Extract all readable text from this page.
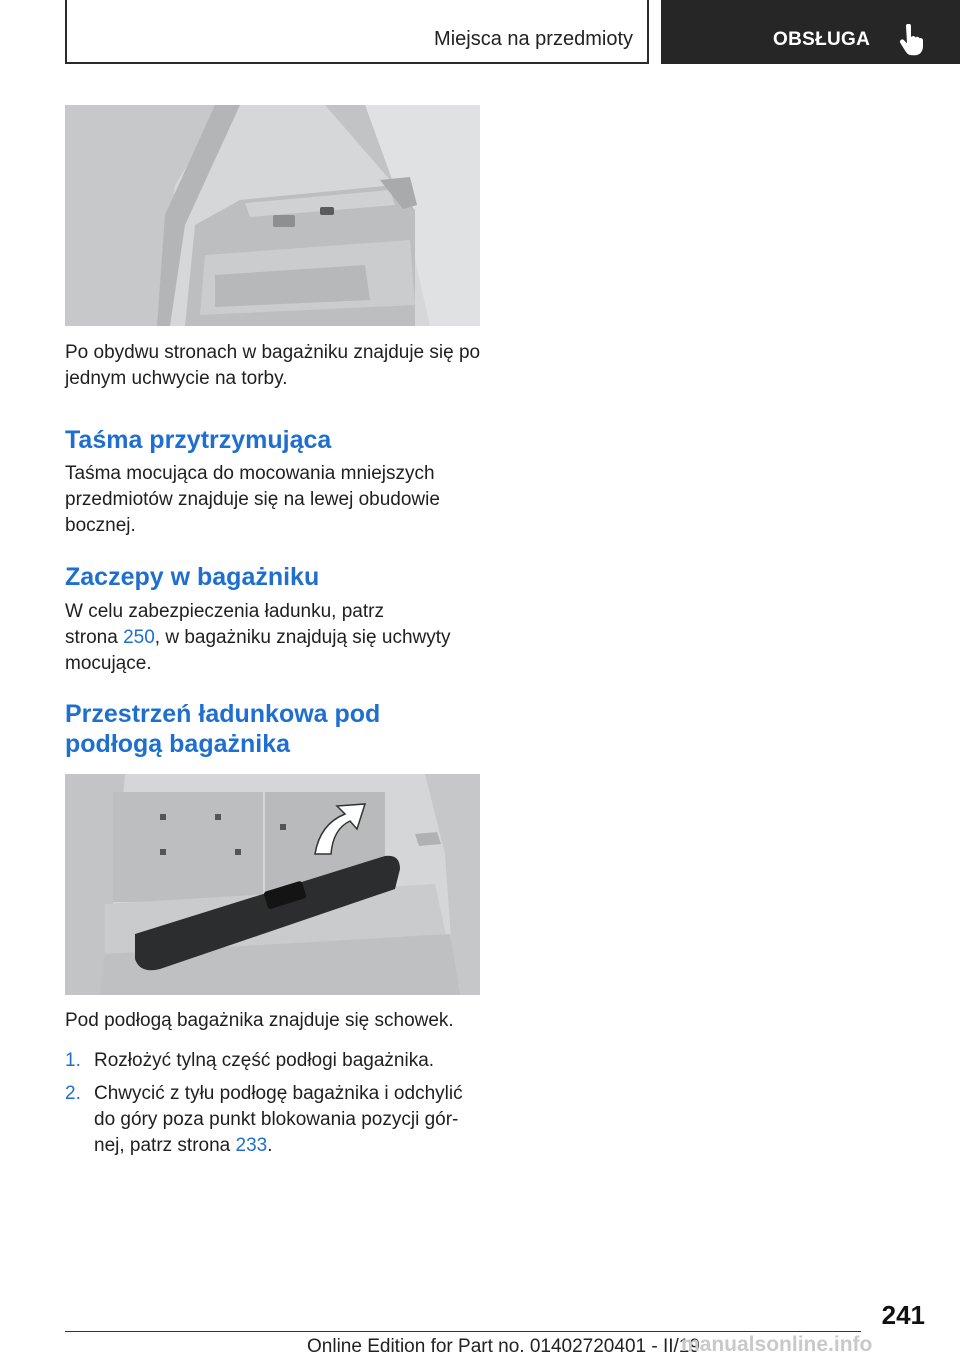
Miejsca na przedmioty	OBSŁUGA
Po obydwu stronach w bagażniku znajduje się po jednym uchwycie na torby.
Taśma przytrzymująca
Taśma mocująca do mocowania mniejszych
przedmiotów znajduje się na lewej obudowie
bocznej.
Zaczepy w bagażniku
W celu zabezpieczenia ładunku, patrz
strona 250, w bagażniku znajdują się uchwyty
mocujące.
Przestrzeń ładunkowa pod
podłogą bagażnika
Pod podłogą bagażnika znajduje się schowek.
1. Rozłożyć tylną część podłogi bagażnika.
2. Chwycić z tyłu podłogę bagażnika i odchylić
do góry poza punkt blokowania pozycji gór‐
nej, patrz strona 233.
241
Online Edition for Part no. 01402720401 - II/19
manualsonline.info
